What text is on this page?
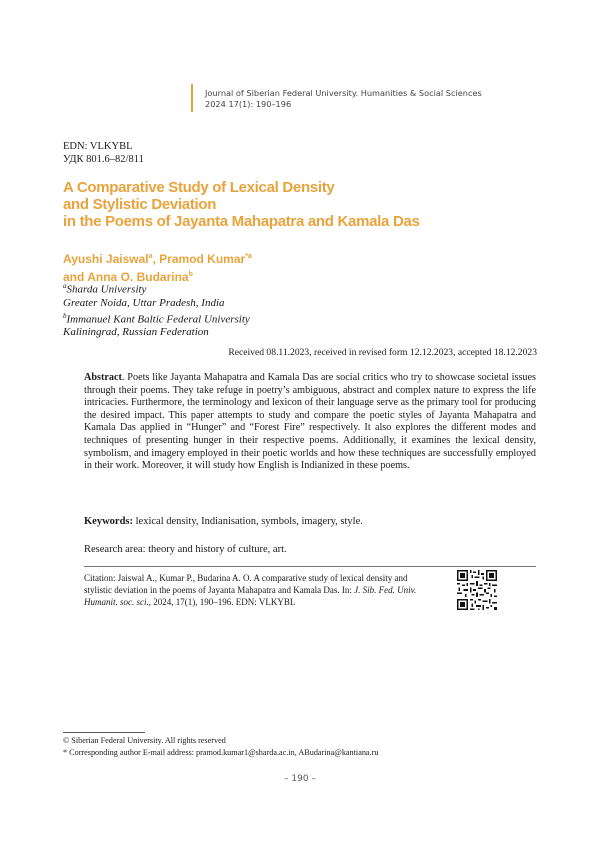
Journal of Siberian Federal University. Humanities & Social Sciences
2024 17(1): 190–196
EDN: VLKYBL
УДК 801.6–82/811
A Comparative Study of Lexical Density
and Stylistic Deviation
in the Poems of Jayanta Mahapatra and Kamala Das
Ayushi Jaiswal$^a$, Pramod Kumar$^{*a}$
and Anna O. Budarina$^b$
$^a$Sharda University
Greater Noida, Uttar Pradesh, India
$^b$Immanuel Kant Baltic Federal University
Kaliningrad, Russian Federation
Received 08.11.2023, received in revised form 12.12.2023, accepted 18.12.2023
Abstract. Poets like Jayanta Mahapatra and Kamala Das are social critics who try to showcase societal issues through their poems. They take refuge in poetry’s ambiguous, abstract and complex nature to express the life intricacies. Furthermore, the terminology and lexicon of their language serve as the primary tool for producing the desired impact. This paper attempts to study and compare the poetic styles of Jayanta Mahapatra and Kamala Das applied in “Hunger” and “Forest Fire” respectively. It also explores the different modes and techniques of presenting hunger in their respective poems. Additionally, it examines the lexical density, symbolism, and imagery employed in their poetic worlds and how these techniques are successfully employed in their work. Moreover, it will study how English is Indianized in these poems.
Keywords: lexical density, Indianisation, symbols, imagery, style.
Research area: theory and history of culture, art.
Citation: Jaiswal A., Kumar P., Budarina A. O. A comparative study of lexical density and stylistic deviation in the poems of Jayanta Mahapatra and Kamala Das. In: J. Sib. Fed. Univ. Humanit. soc. sci., 2024, 17(1), 190–196. EDN: VLKYBL
© Siberian Federal University. All rights reserved
* Corresponding author E-mail address: pramod.kumar1@sharda.ac.in, ABudarina@kantiana.ru
– 190 –
